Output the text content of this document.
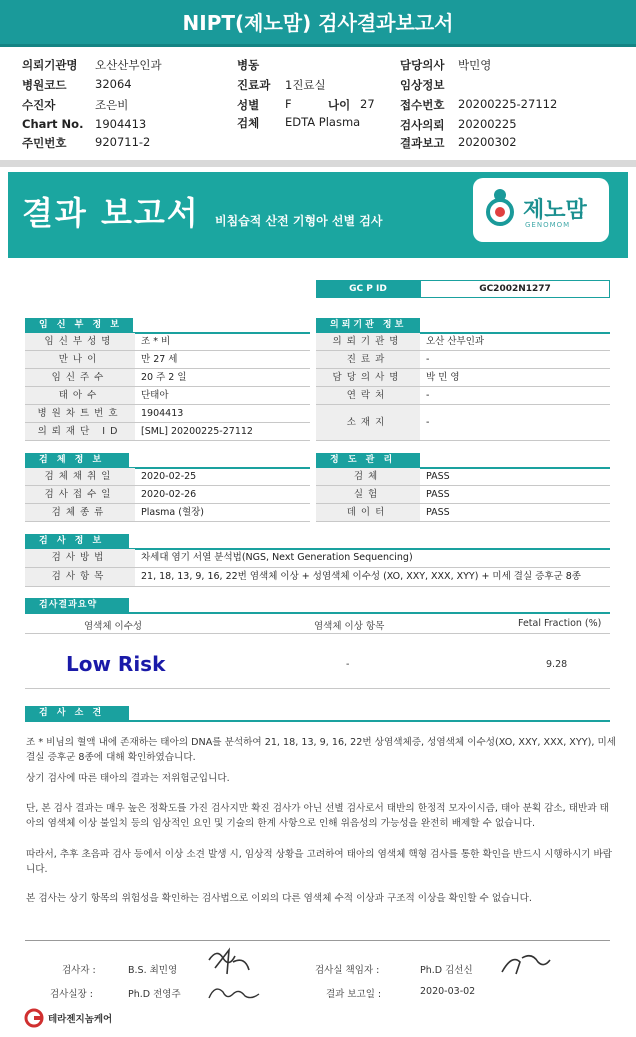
NIPT(제노맘) 검사결과보고서
의뢰기관명 오산산부인과
병원코드 32064
수진자	조은비
Chart No. 1904413
주민번호 920711-2
병동
진료과 1진료실
성별 F	나이 27
검체 EDTA Plasma
담당의사 박민영
임상정보
접수번호 20200225-27112
검사의뢰 20200225
결과보고 20200302
결과 보고서 비침습적 산전 기형아 선별 검사	제노맘
GENOMOM
GC P ID	GC2002N1277
임 신 부 정 보
임신부성명	조 * 비
만나이	만 27 세
임신주수	20 주 2 일
태아수	단태아
병원차트번호	1904413
의뢰재단 ID	[SML] 20200225-27112
의뢰기관 정보
의뢰기관명	오산 산부인과
진료과	-
담당의사명	박 민 영
연락처	-
소재지	-
검 체 정 보
검체채취일	2020-02-25
검사접수일	2020-02-26
검체종류	Plasma (혈장)
정 도 관 리
검체	PASS
실험	PASS
데이터	PASS
검 사 정 보
검사방법	차세대 염기 서열 분석법(NGS, Next Generation Sequencing)
검사항목	21, 18, 13, 9, 16, 22번 염색체 이상 + 성염색체 이수성 (XO, XXY, XXX, XYY) + 미세 결실 증후군 8종
검사결과요약
염색체 이수성	염색체 이상 항목	Fetal Fraction (%)
Low Risk	-	9.28
검 사 소 견
조 * 비님의 혈액 내에 존재하는 태아의 DNA를 분석하여 21, 18, 13, 9, 16, 22번 상염색체증, 성염색체 이수성(XO, XXY, XXX, XYY), 미세 결실 증후군 8종에 대해 확인하였습니다.
상기 검사에 따른 태아의 결과는 저위험군입니다.
단, 본 검사 결과는 매우 높은 정확도를 가진 검사지만 확진 검사가 아닌 선별 검사로서 태반의 한정적 모자이시즘, 태아 분획 감소, 태반과 태아의 염색체 이상 불일치 등의 임상적인 요인 및 기술의 한계 사항으로 인해 위음성의 가능성을 완전히 배제할 수 없습니다.
따라서, 추후 초음파 검사 등에서 이상 소견 발생 시, 임상적 상황을 고려하여 태아의 염색체 핵형 검사를 통한 확인을 반드시 시행하시기 바랍니다.
본 검사는 상기 항목의 위험성을 확인하는 검사법으로 이외의 다른 염색체 수적 이상과 구조적 이상을 확인할 수 없습니다.
검사자 :	B.S. 최민영
검사실장 :	Ph.D 전영주
검사실 책임자 :	Ph.D 김선신
결과 보고일 :	2020-03-02
테라젠지놈케어
